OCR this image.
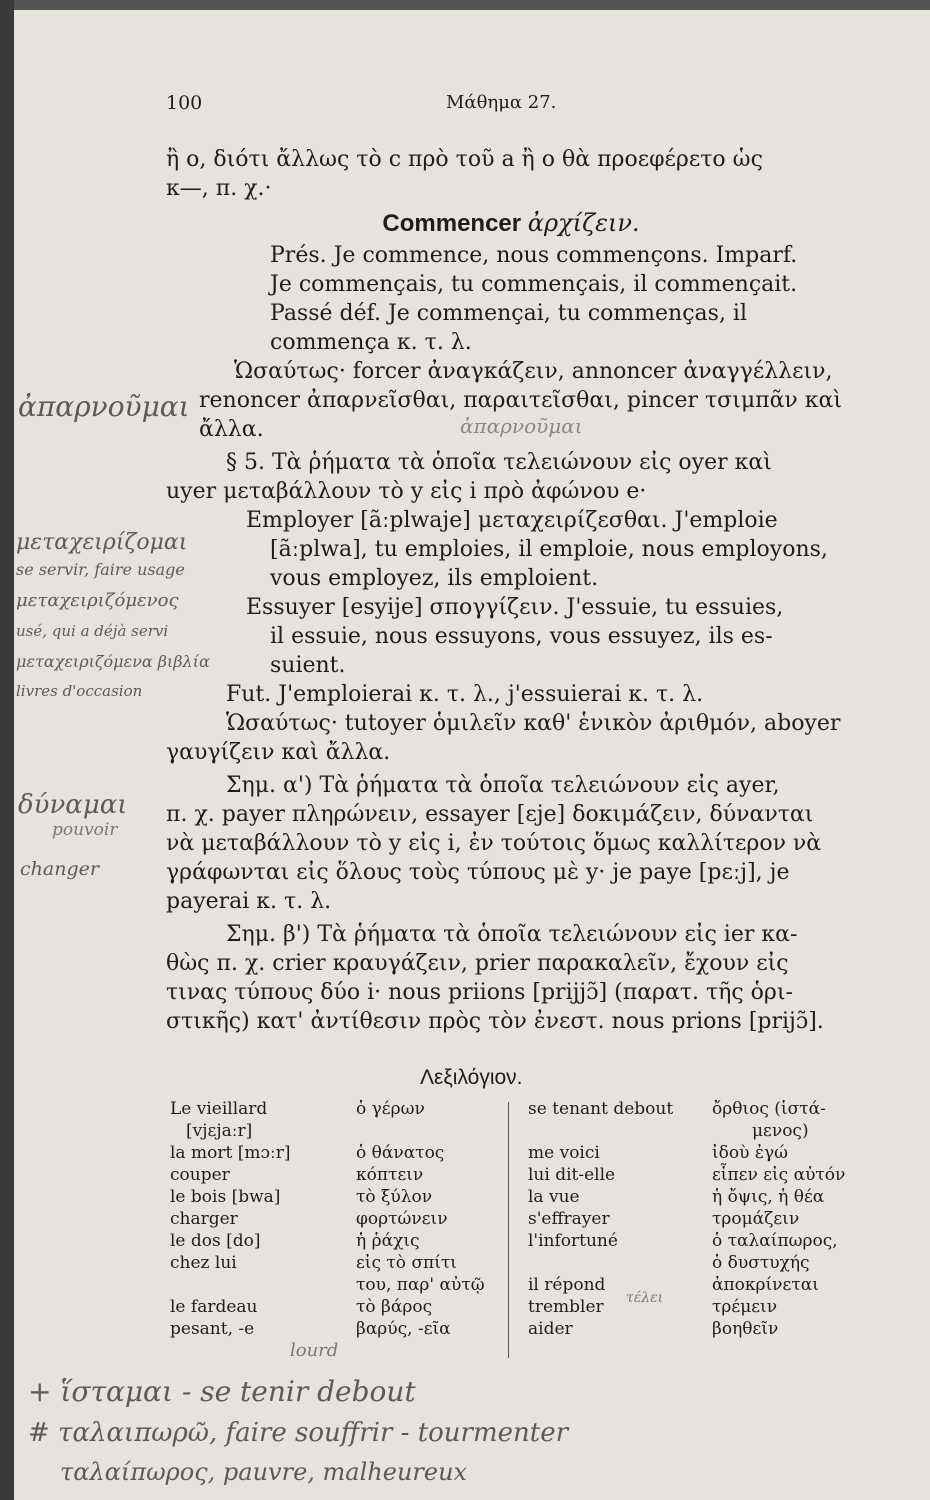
100	Μάθημα 27.
ἢ ο, διότι ἄλλως τὸ c πρὸ τοῦ a ἢ o θὰ προεφέρετο ὡς
κ—, π. χ.·
Commencer ἀρχίζειν.
Prés. Je commence, nous commençons. Imparf.
Je commençais, tu commençais, il commençait.
Passé déf. Je commençai, tu commenças, il
commença κ. τ. λ.
Ὡσαύτως· forcer ἀναγκάζειν, annoncer ἀναγγέλλειν,
renoncer ἀπαρνεῖσθαι, παραιτεῖσθαι, pincer τσιμπᾶν καὶ
ἄλλα.
§ 5. Τὰ ῥήματα τὰ ὁποῖα τελειώνουν εἰς oyer καὶ
uyer μεταβάλλουν τὸ y εἰς i πρὸ ἀφώνου e·
Employer [ãːplwaje] μεταχειρίζεσθαι. J'emploie
[ãːplwa], tu emploies, il emploie, nous employons,
vous employez, ils emploient.
Essuyer [esyije] σπογγίζειν. J'essuie, tu essuies,
il essuie, nous essuyons, vous essuyez, ils es-
suient.
Fut. J'emploierai κ. τ. λ., j'essuierai κ. τ. λ.
Ὡσαύτως· tutoyer ὁμιλεῖν καθ' ἑνικὸν ἀριθμόν, aboyer
γαυγίζειν καὶ ἄλλα.
Σημ. α') Τὰ ῥήματα τὰ ὁποῖα τελειώνουν εἰς ayer,
π. χ. payer πληρώνειν, essayer [εje] δοκιμάζειν, δύνανται
νὰ μεταβάλλουν τὸ y εἰς i, ἐν τούτοις ὅμως καλλίτερον νὰ
γράφωνται εἰς ὅλους τοὺς τύπους μὲ y· je paye [pεːj], je
payerai κ. τ. λ.
Σημ. β') Τὰ ῥήματα τὰ ὁποῖα τελειώνουν εἰς ier κα-
θὼς π. χ. crier κραυγάζειν, prier παρακαλεῖν, ἔχουν εἰς
τινας τύπους δύο i· nous priions [prijjɔ̃] (παρατ. τῆς ὁρι-
στικῆς) κατ' ἀντίθεσιν πρὸς τὸν ἐνεστ. nous prions [prijɔ̃].
Λεξιλόγιον.
Le vieillard
[vjεjaːr]
la mort [mɔːr]
couper
le bois [bwa]
charger
le dos [do]
chez lui
le fardeau
pesant, -e
ὁ γέρων
ὁ θάνατος
κόπτειν
τὸ ξύλον
φορτώνειν
ἡ ῥάχις
εἰς τὸ σπίτι
του, παρ' αὐτῷ
τὸ βάρος
βαρύς, -εῖα
se tenant debout
me voici
lui dit-elle
la vue
s'effrayer
l'infortuné
il répond
trembler
aider
ὄρθιος (ἱστά-
μενος)
ἰδοὺ ἐγώ
εἶπεν εἰς αὐτόν
ἡ ὄψις, ἡ θέα
τρομάζειν
ὁ ταλαίπωρος,
ὁ δυστυχής
ἀποκρίνεται
τρέμειν
βοηθεῖν
ἀπαρνοῦμαι
ἀπαρνοῦμαι
μεταχειρίζομαι
se servir, faire usage
μεταχειριζόμενος
usé, qui a déjà servi
μεταχειριζόμενα βιβλία
livres d'occasion
δύναμαι
pouvoir
changer
lourd
τέλει
+ ἵσταμαι - se tenir debout
# ταλαιπωρῶ, faire souffrir - tourmenter
ταλαίπωρος, pauvre, malheureux
